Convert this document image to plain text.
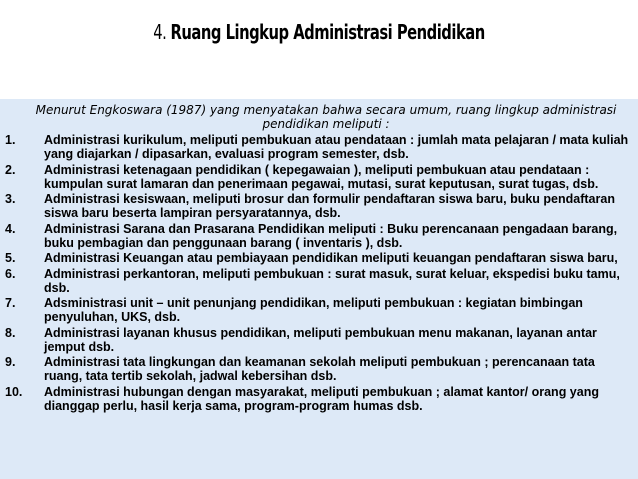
4. Ruang Lingkup Administrasi Pendidikan

Menurut Engkoswara (1987) yang menyatakan bahwa secara umum, ruang lingkup administrasi pendidikan meliputi :

1.	Administrasi kurikulum, meliputi pembukuan atau pendataan : jumlah mata pelajaran / mata kuliah yang diajarkan / dipasarkan, evaluasi program semester, dsb.
2.	Administrasi ketenagaan pendidikan ( kepegawaian ), meliputi pembukuan atau pendataan : kumpulan surat lamaran dan penerimaan pegawai, mutasi, surat keputusan, surat tugas, dsb.
3.	Administrasi kesiswaan, meliputi brosur dan formulir pendaftaran siswa baru, buku pendaftaran siswa baru beserta lampiran persyaratannya, dsb.
4.	Administrasi Sarana dan Prasarana Pendidikan meliputi : Buku perencanaan pengadaan barang, buku pembagian dan penggunaan barang ( inventaris ), dsb.
5.	Administrasi Keuangan atau pembiayaan pendidikan meliputi keuangan pendaftaran siswa baru,
6.	Administrasi perkantoran, meliputi pembukuan : surat masuk, surat keluar, ekspedisi buku tamu, dsb.
7.	Adsministrasi unit – unit penunjang pendidikan, meliputi pembukuan : kegiatan bimbingan penyuluhan, UKS, dsb.
8.	Administrasi layanan khusus pendidikan, meliputi pembukuan menu makanan, layanan antar jemput dsb.
9.	Administrasi tata lingkungan dan keamanan sekolah meliputi pembukuan ; perencanaan tata ruang, tata tertib sekolah, jadwal kebersihan dsb.
10.	Administrasi hubungan dengan masyarakat, meliputi pembukuan ; alamat kantor/ orang yang dianggap perlu, hasil kerja sama, program-program humas dsb.
